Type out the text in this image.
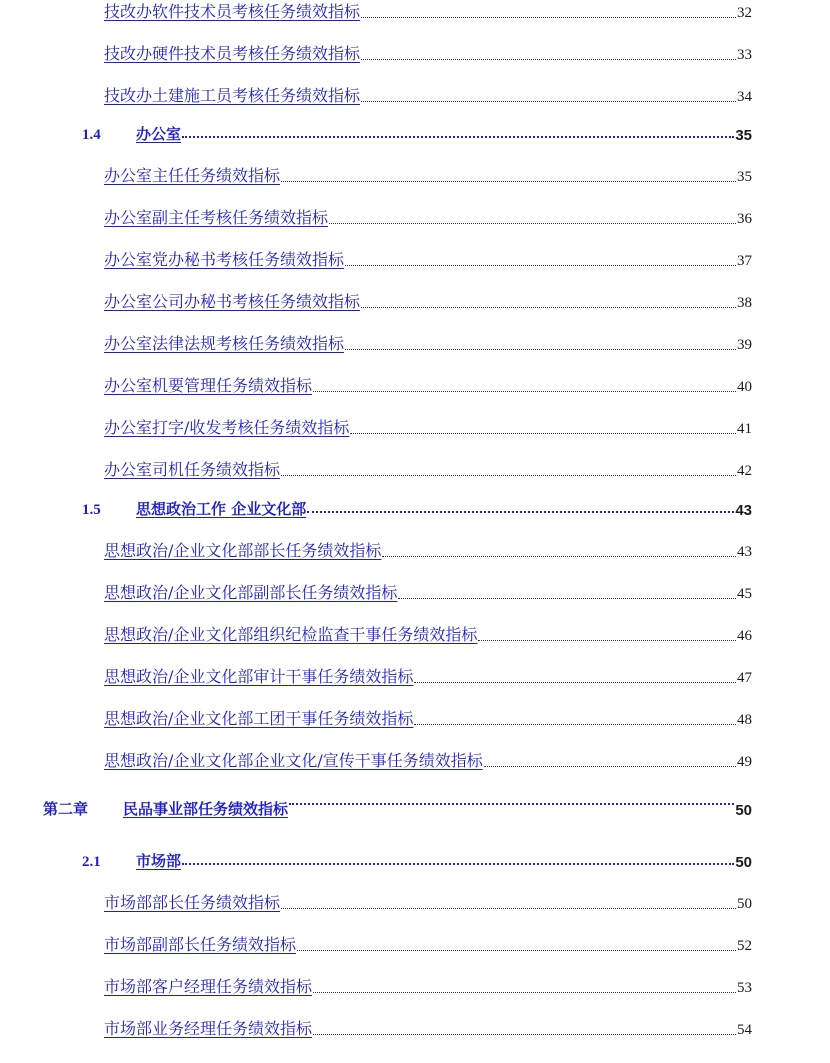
技改办软件技术员考核任务绩效指标	32
技改办硬件技术员考核任务绩效指标	33
技改办土建施工员考核任务绩效指标	34
1.4 办公室	35
办公室主任任务绩效指标	35
办公室副主任考核任务绩效指标	36
办公室党办秘书考核任务绩效指标	37
办公室公司办秘书考核任务绩效指标	38
办公室法律法规考核任务绩效指标	39
办公室机要管理任务绩效指标	40
办公室打字/收发考核任务绩效指标	41
办公室司机任务绩效指标	42
1.5 思想政治工作 企业文化部	43
思想政治/企业文化部部长任务绩效指标	43
思想政治/企业文化部副部长任务绩效指标	45
思想政治/企业文化部组织纪检监查干事任务绩效指标	46
思想政治/企业文化部审计干事任务绩效指标	47
思想政治/企业文化部工团干事任务绩效指标	48
思想政治/企业文化部企业文化/宣传干事任务绩效指标	49
第二章 民品事业部任务绩效指标	50
2.1 市场部	50
市场部部长任务绩效指标	50
市场部副部长任务绩效指标	52
市场部客户经理任务绩效指标	53
市场部业务经理任务绩效指标	54
